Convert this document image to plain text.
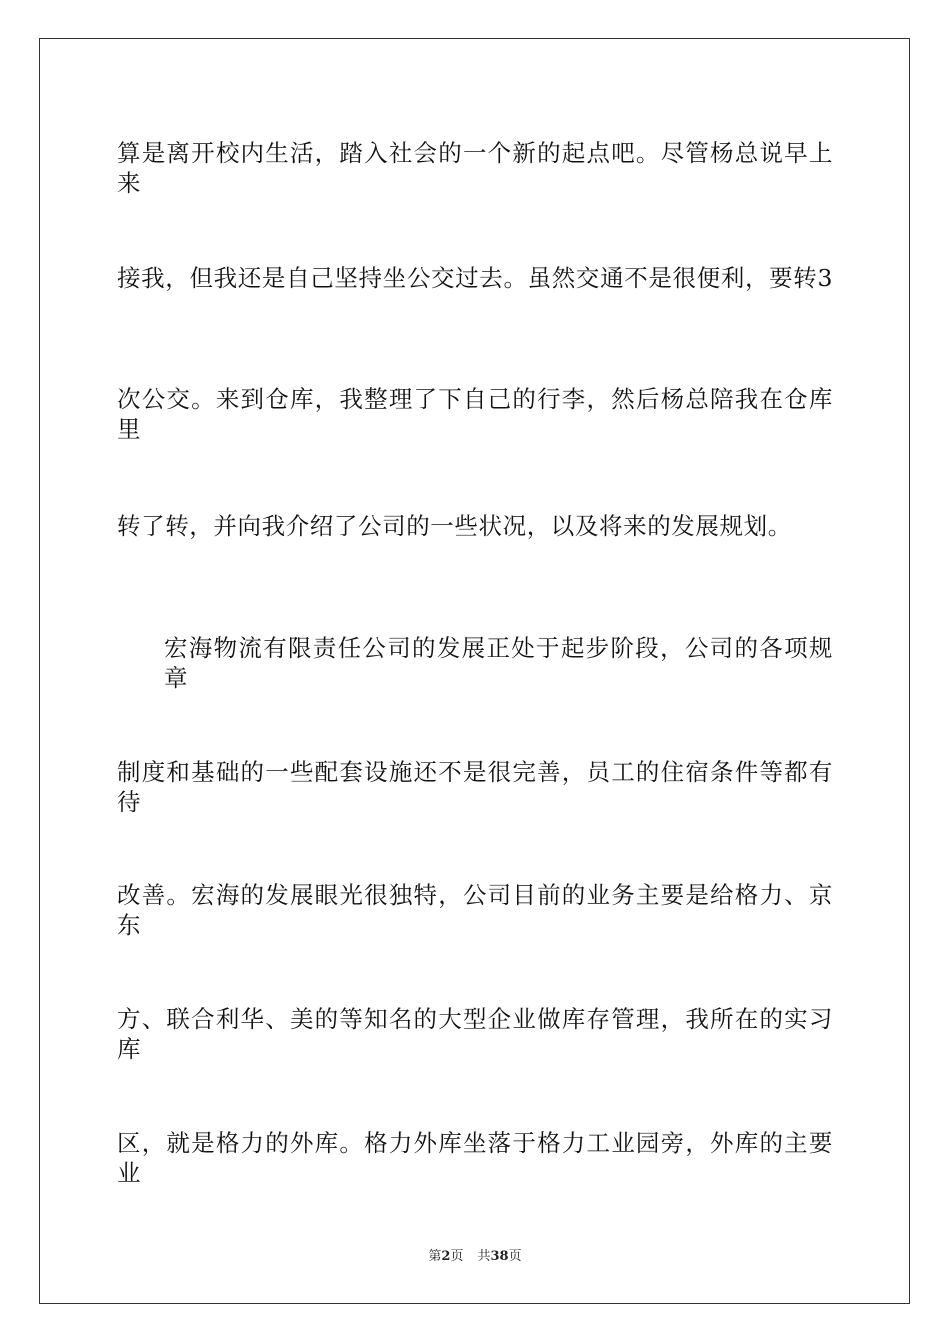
算是离开校内生活，踏入社会的一个新的起点吧。尽管杨总说早上来
接我，但我还是自己坚持坐公交过去。虽然交通不是很便利，要转3
次公交。来到仓库，我整理了下自己的行李，然后杨总陪我在仓库里
转了转，并向我介绍了公司的一些状况，以及将来的发展规划。
宏海物流有限责任公司的发展正处于起步阶段，公司的各项规章
制度和基础的一些配套设施还不是很完善，员工的住宿条件等都有待
改善。宏海的发展眼光很独特，公司目前的业务主要是给格力、京东
方、联合利华、美的等知名的大型企业做库存管理，我所在的实习库
区，就是格力的外库。格力外库坐落于格力工业园旁，外库的主要业
第2页 共38页
